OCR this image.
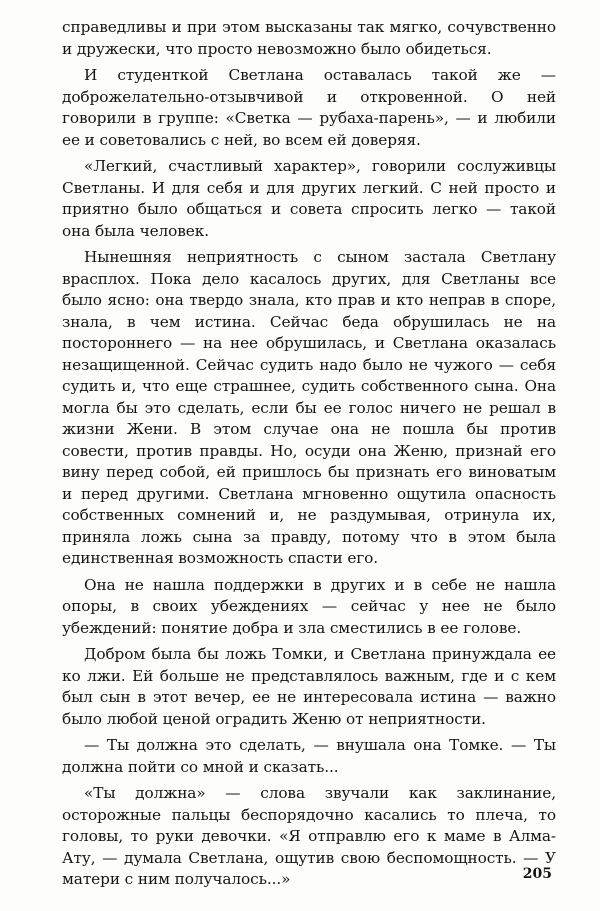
справедливы и при этом высказаны так мягко, сочувственно и дружески, что просто невозможно было обидеться.

И студенткой Светлана оставалась такой же — доброжелательно-отзывчивой и откровенной. О ней говорили в группе: «Светка — рубаха-парень», — и любили ее и советовались с ней, во всем ей доверяя.

«Легкий, счастливый характер», говорили сослуживцы Светланы. И для себя и для других легкий. С ней просто и приятно было общаться и совета спросить легко — такой она была человек.

Нынешняя неприятность с сыном застала Светлану врасплох. Пока дело касалось других, для Светланы все было ясно: она твердо знала, кто прав и кто неправ в споре, знала, в чем истина. Сейчас беда обрушилась не на постороннего — на нее обрушилась, и Светлана оказалась незащищенной. Сейчас судить надо было не чужого — себя судить и, что еще страшнее, судить собственного сына. Она могла бы это сделать, если бы ее голос ничего не решал в жизни Жени. В этом случае она не пошла бы против совести, против правды. Но, осуди она Женю, признай его вину перед собой, ей пришлось бы признать его виноватым и перед другими. Светлана мгновенно ощутила опасность собственных сомнений и, не раздумывая, отринула их, приняла ложь сына за правду, потому что в этом была единственная возможность спасти его.

Она не нашла поддержки в других и в себе не нашла опоры, в своих убеждениях — сейчас у нее не было убеждений: понятие добра и зла сместились в ее голове.

Добром была бы ложь Томки, и Светлана принуждала ее ко лжи. Ей больше не представлялось важным, где и с кем был сын в этот вечер, ее не интересовала истина — важно было любой ценой оградить Женю от неприятности.

— Ты должна это сделать, — внушала она Томке. — Ты должна пойти со мной и сказать...

«Ты должна» — слова звучали как заклинание, осторожные пальцы беспорядочно касались то плеча, то головы, то руки девочки. «Я отправлю его к маме в Алма-Ату, — думала Светлана, ощутив свою беспомощность. — У матери с ним получалось...»	205
